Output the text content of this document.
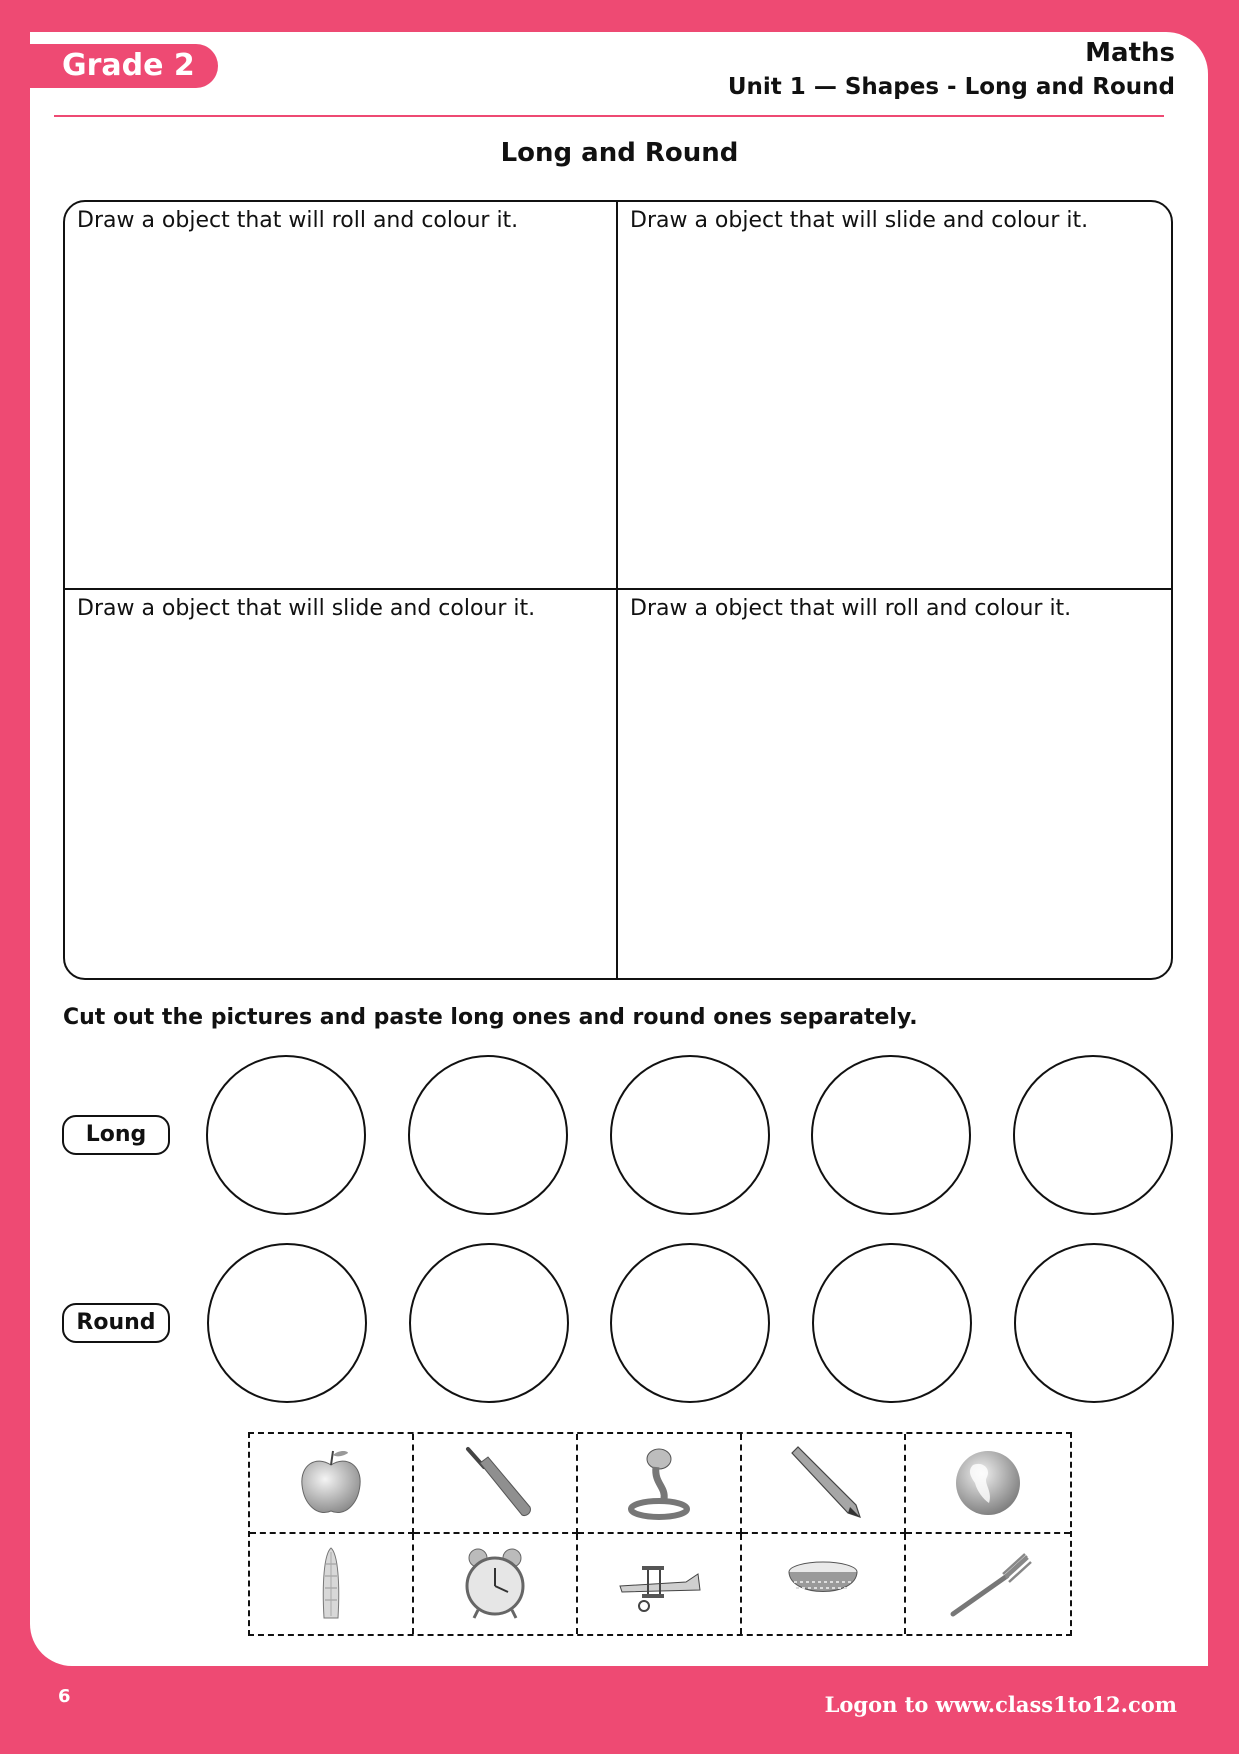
Grade 2	Maths
Unit 1 — Shapes - Long and Round
Long and Round
Draw a object that will roll and colour it.	Draw a object that will slide and colour it.
Draw a object that will slide and colour it.	Draw a object that will roll and colour it.
Cut out the pictures and paste long ones and round ones separately.
Long
Round
6	Logon to www.class1to12.com
